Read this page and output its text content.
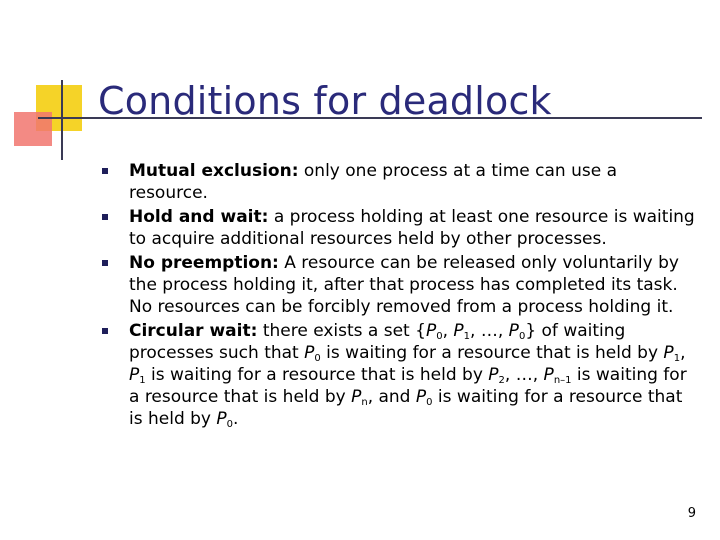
Conditions for deadlock
Mutual exclusion: only one process at a time can use a resource.
Hold and wait: a process holding at least one resource is waiting to acquire additional resources held by other processes.
No preemption: A resource can be released only voluntarily by the process holding it, after that process has completed its task. No resources can be forcibly removed from a process holding it.
Circular wait: there exists a set {$P_0$, $P_1$, …, $P_0$} of waiting processes such that $P_0$ is waiting for a resource that is held by $P_1$, $P_1$ is waiting for a resource that is held by $P_2$, …, $P_{n-1}$ is waiting for a resource that is held by $P_n$, and $P_0$ is waiting for a resource that is held by $P_0$.
9
